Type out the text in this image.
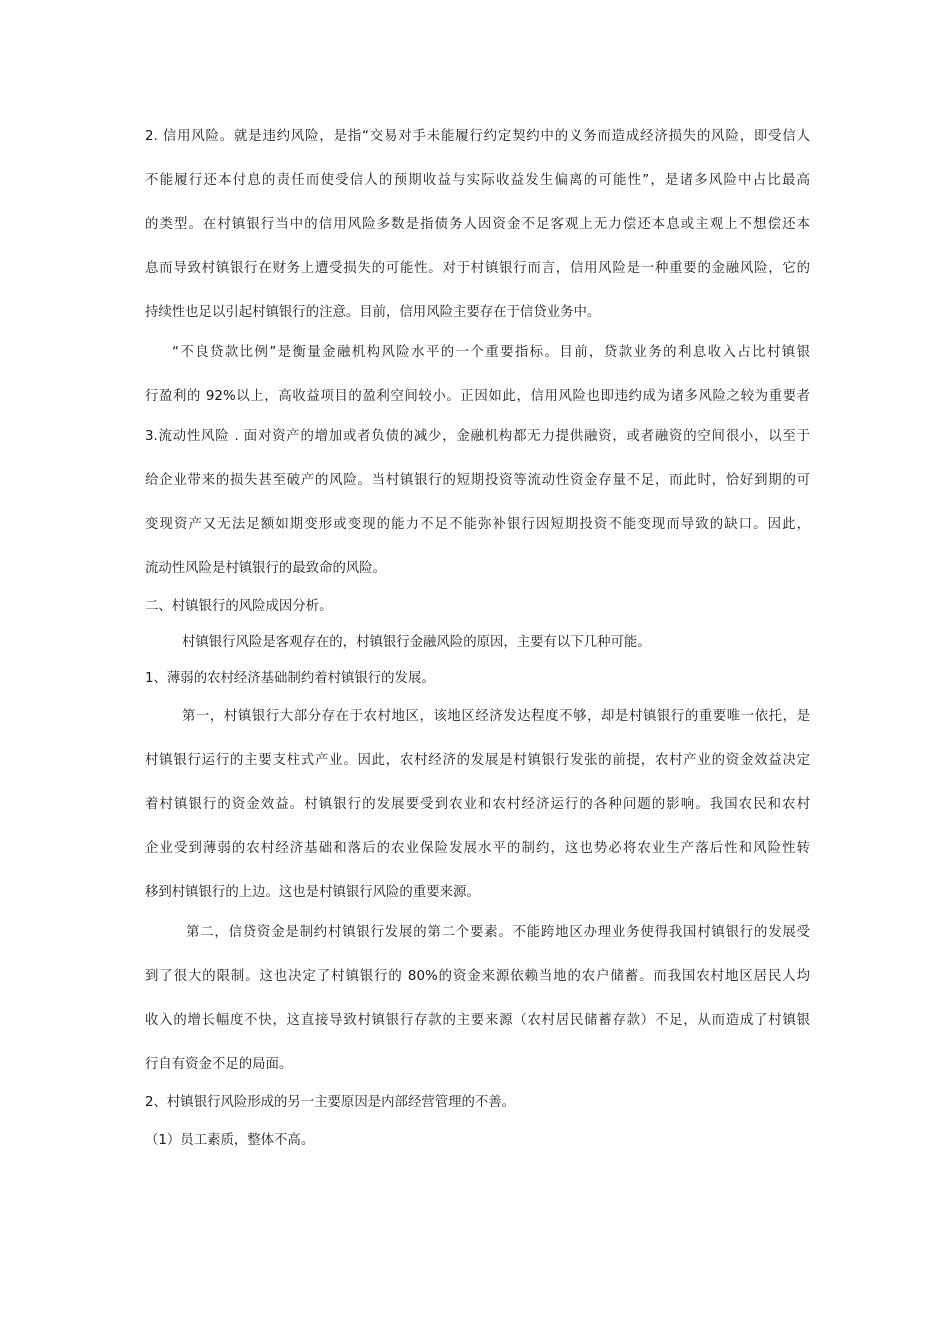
2. 信用风险。就是违约风险，是指“交易对手未能履行约定契约中的义务而造成经济损失的风险，即受信人
不能履行还本付息的责任而使受信人的预期收益与实际收益发生偏离的可能性”，是诸多风险中占比最高
的类型。在村镇银行当中的信用风险多数是指债务人因资金不足客观上无力偿还本息或主观上不想偿还本
息而导致村镇银行在财务上遭受损失的可能性。对于村镇银行而言，信用风险是一种重要的金融风险，它的
持续性也足以引起村镇银行的注意。目前，信用风险主要存在于信贷业务中。
“不良贷款比例”是衡量金融机构风险水平的一个重要指标。目前，贷款业务的利息收入占比村镇银
行盈利的 92%以上，高收益项目的盈利空间较小。正因如此，信用风险也即违约成为诸多风险之较为重要者
3.流动性风险 . 面对资产的增加或者负债的减少，金融机构都无力提供融资，或者融资的空间很小，以至于
给企业带来的损失甚至破产的风险。当村镇银行的短期投资等流动性资金存量不足，而此时，恰好到期的可
变现资产又无法足额如期变形或变现的能力不足不能弥补银行因短期投资不能变现而导致的缺口。因此，
流动性风险是村镇银行的最致命的风险。
二、村镇银行的风险成因分析。
村镇银行风险是客观存在的，村镇银行金融风险的原因，主要有以下几种可能。
1、薄弱的农村经济基础制约着村镇银行的发展。
第一，村镇银行大部分存在于农村地区，该地区经济发达程度不够，却是村镇银行的重要唯一依托，是
村镇银行运行的主要支柱式产业。因此，农村经济的发展是村镇银行发张的前提，农村产业的资金效益决定
着村镇银行的资金效益。村镇银行的发展要受到农业和农村经济运行的各种问题的影响。我国农民和农村
企业受到薄弱的农村经济基础和落后的农业保险发展水平的制约，这也势必将农业生产落后性和风险性转
移到村镇银行的上边。这也是村镇银行风险的重要来源。
第二，信贷资金是制约村镇银行发展的第二个要素。不能跨地区办理业务使得我国村镇银行的发展受
到了很大的限制。这也决定了村镇银行的 80%的资金来源依赖当地的农户储蓄。而我国农村地区居民人均
收入的增长幅度不快，这直接导致村镇银行存款的主要来源（农村居民储蓄存款）不足，从而造成了村镇银
行自有资金不足的局面。
2、村镇银行风险形成的另一主要原因是内部经营管理的不善。
（1）员工素质，整体不高。
